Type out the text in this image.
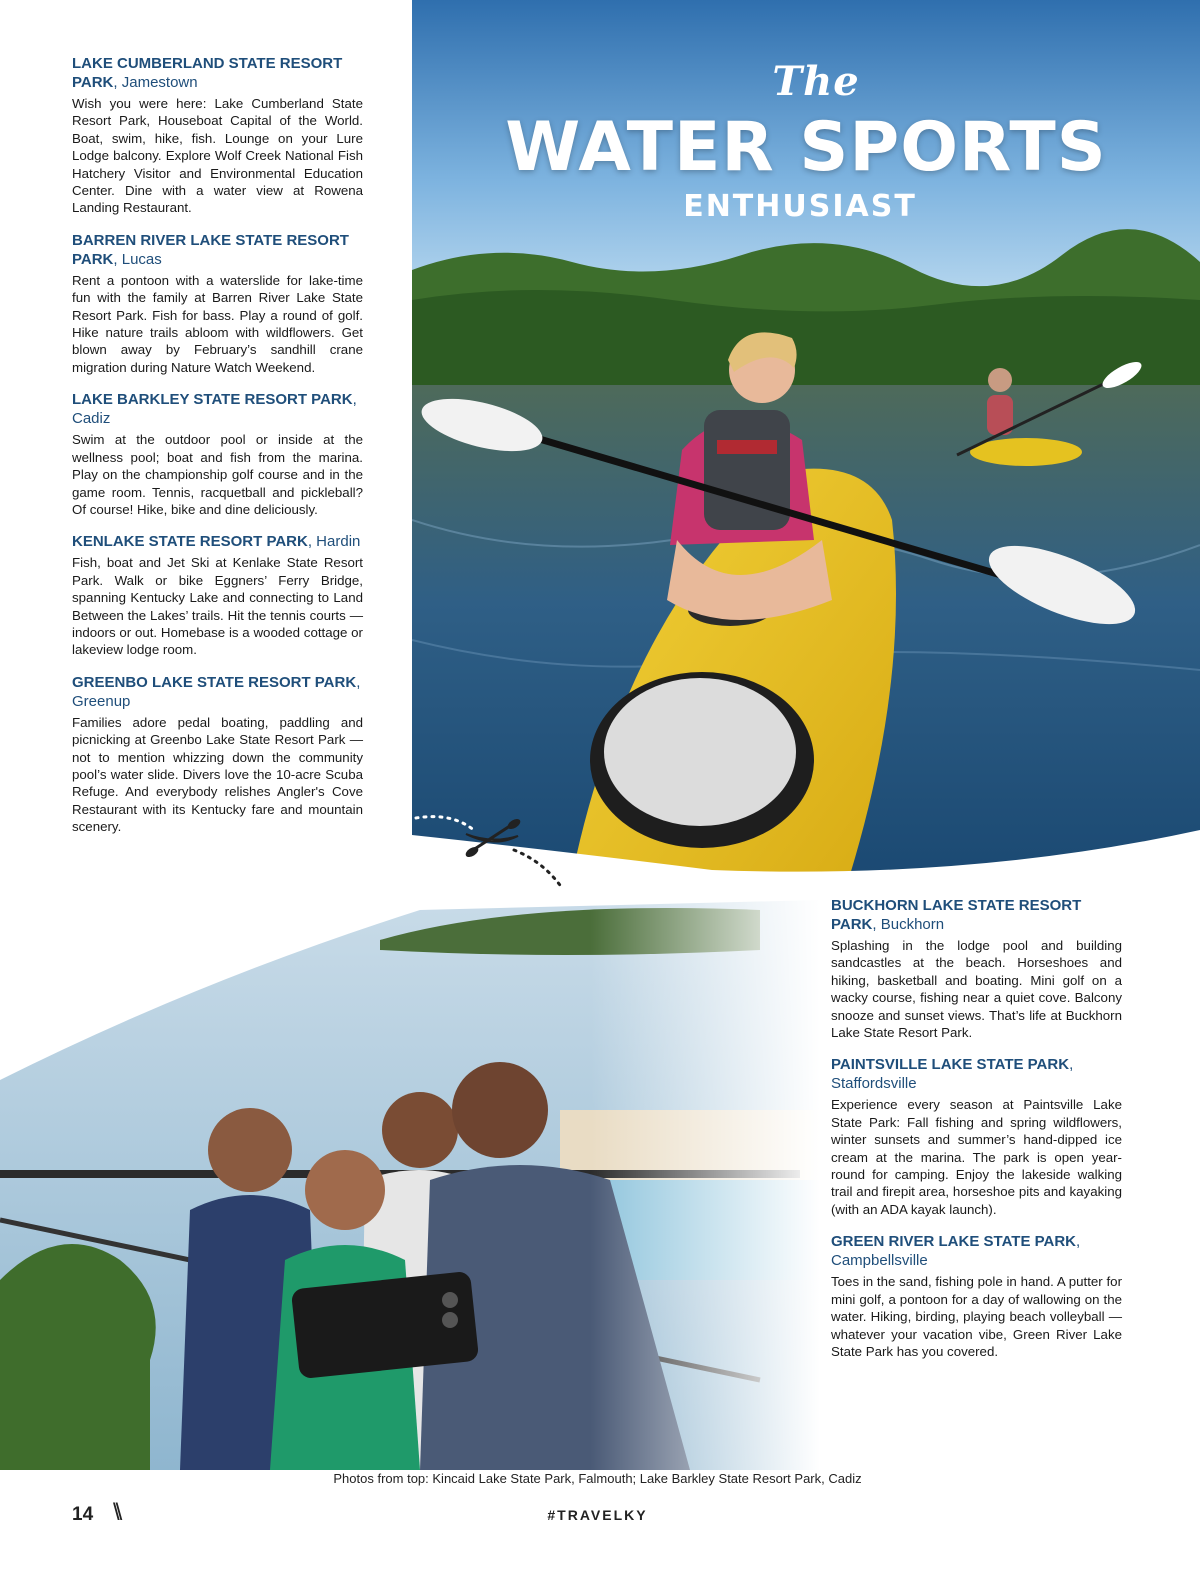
The
WATER SPORTS
ENTHUSIAST
LAKE CUMBERLAND STATE RESORT PARK, Jamestown
Wish you were here: Lake Cumberland State Resort Park, Houseboat Capital of the World. Boat, swim, hike, fish. Lounge on your Lure Lodge balcony. Explore Wolf Creek National Fish Hatchery Visitor and Environmental Education Center. Dine with a water view at Rowena Landing Restaurant.
BARREN RIVER LAKE STATE RESORT PARK, Lucas
Rent a pontoon with a waterslide for lake-time fun with the family at Barren River Lake State Resort Park. Fish for bass. Play a round of golf. Hike nature trails abloom with wildflowers. Get blown away by February’s sandhill crane migration during Nature Watch Weekend.
LAKE BARKLEY STATE RESORT PARK, Cadiz
Swim at the outdoor pool or inside at the wellness pool; boat and fish from the marina. Play on the championship golf course and in the game room. Tennis, racquetball and pickleball? Of course! Hike, bike and dine deliciously.
KENLAKE STATE RESORT PARK, Hardin
Fish, boat and Jet Ski at Kenlake State Resort Park. Walk or bike Eggners’ Ferry Bridge, spanning Kentucky Lake and connecting to Land Between the Lakes’ trails. Hit the tennis courts — indoors or out. Homebase is a wooded cottage or lakeview lodge room.
GREENBO LAKE STATE RESORT PARK, Greenup
Families adore pedal boating, paddling and picnicking at Greenbo Lake State Resort Park — not to mention whizzing down the community pool’s water slide. Divers love the 10-acre Scuba Refuge. And everybody relishes Angler's Cove Restaurant with its Kentucky fare and mountain scenery.
BUCKHORN LAKE STATE RESORT PARK, Buckhorn
Splashing in the lodge pool and building sandcastles at the beach. Horseshoes and hiking, basketball and boating. Mini golf on a wacky course, fishing near a quiet cove. Balcony snooze and sunset views. That’s life at Buckhorn Lake State Resort Park.
PAINTSVILLE LAKE STATE PARK, Staffordsville
Experience every season at Paintsville Lake State Park: Fall fishing and spring wildflowers, winter sunsets and summer’s hand-dipped ice cream at the marina. The park is open year-round for camping. Enjoy the lakeside walking trail and firepit area, horseshoe pits and kayaking (with an ADA kayak launch).
GREEN RIVER LAKE STATE PARK, Campbellsville
Toes in the sand, fishing pole in hand. A putter for mini golf, a pontoon for a day of wallowing on the water. Hiking, birding, playing beach volleyball — whatever your vacation vibe, Green River Lake State Park has you covered.
Photos from top: Kincaid Lake State Park, Falmouth; Lake Barkley State Resort Park, Cadiz
14 \\	#TRAVELKY
